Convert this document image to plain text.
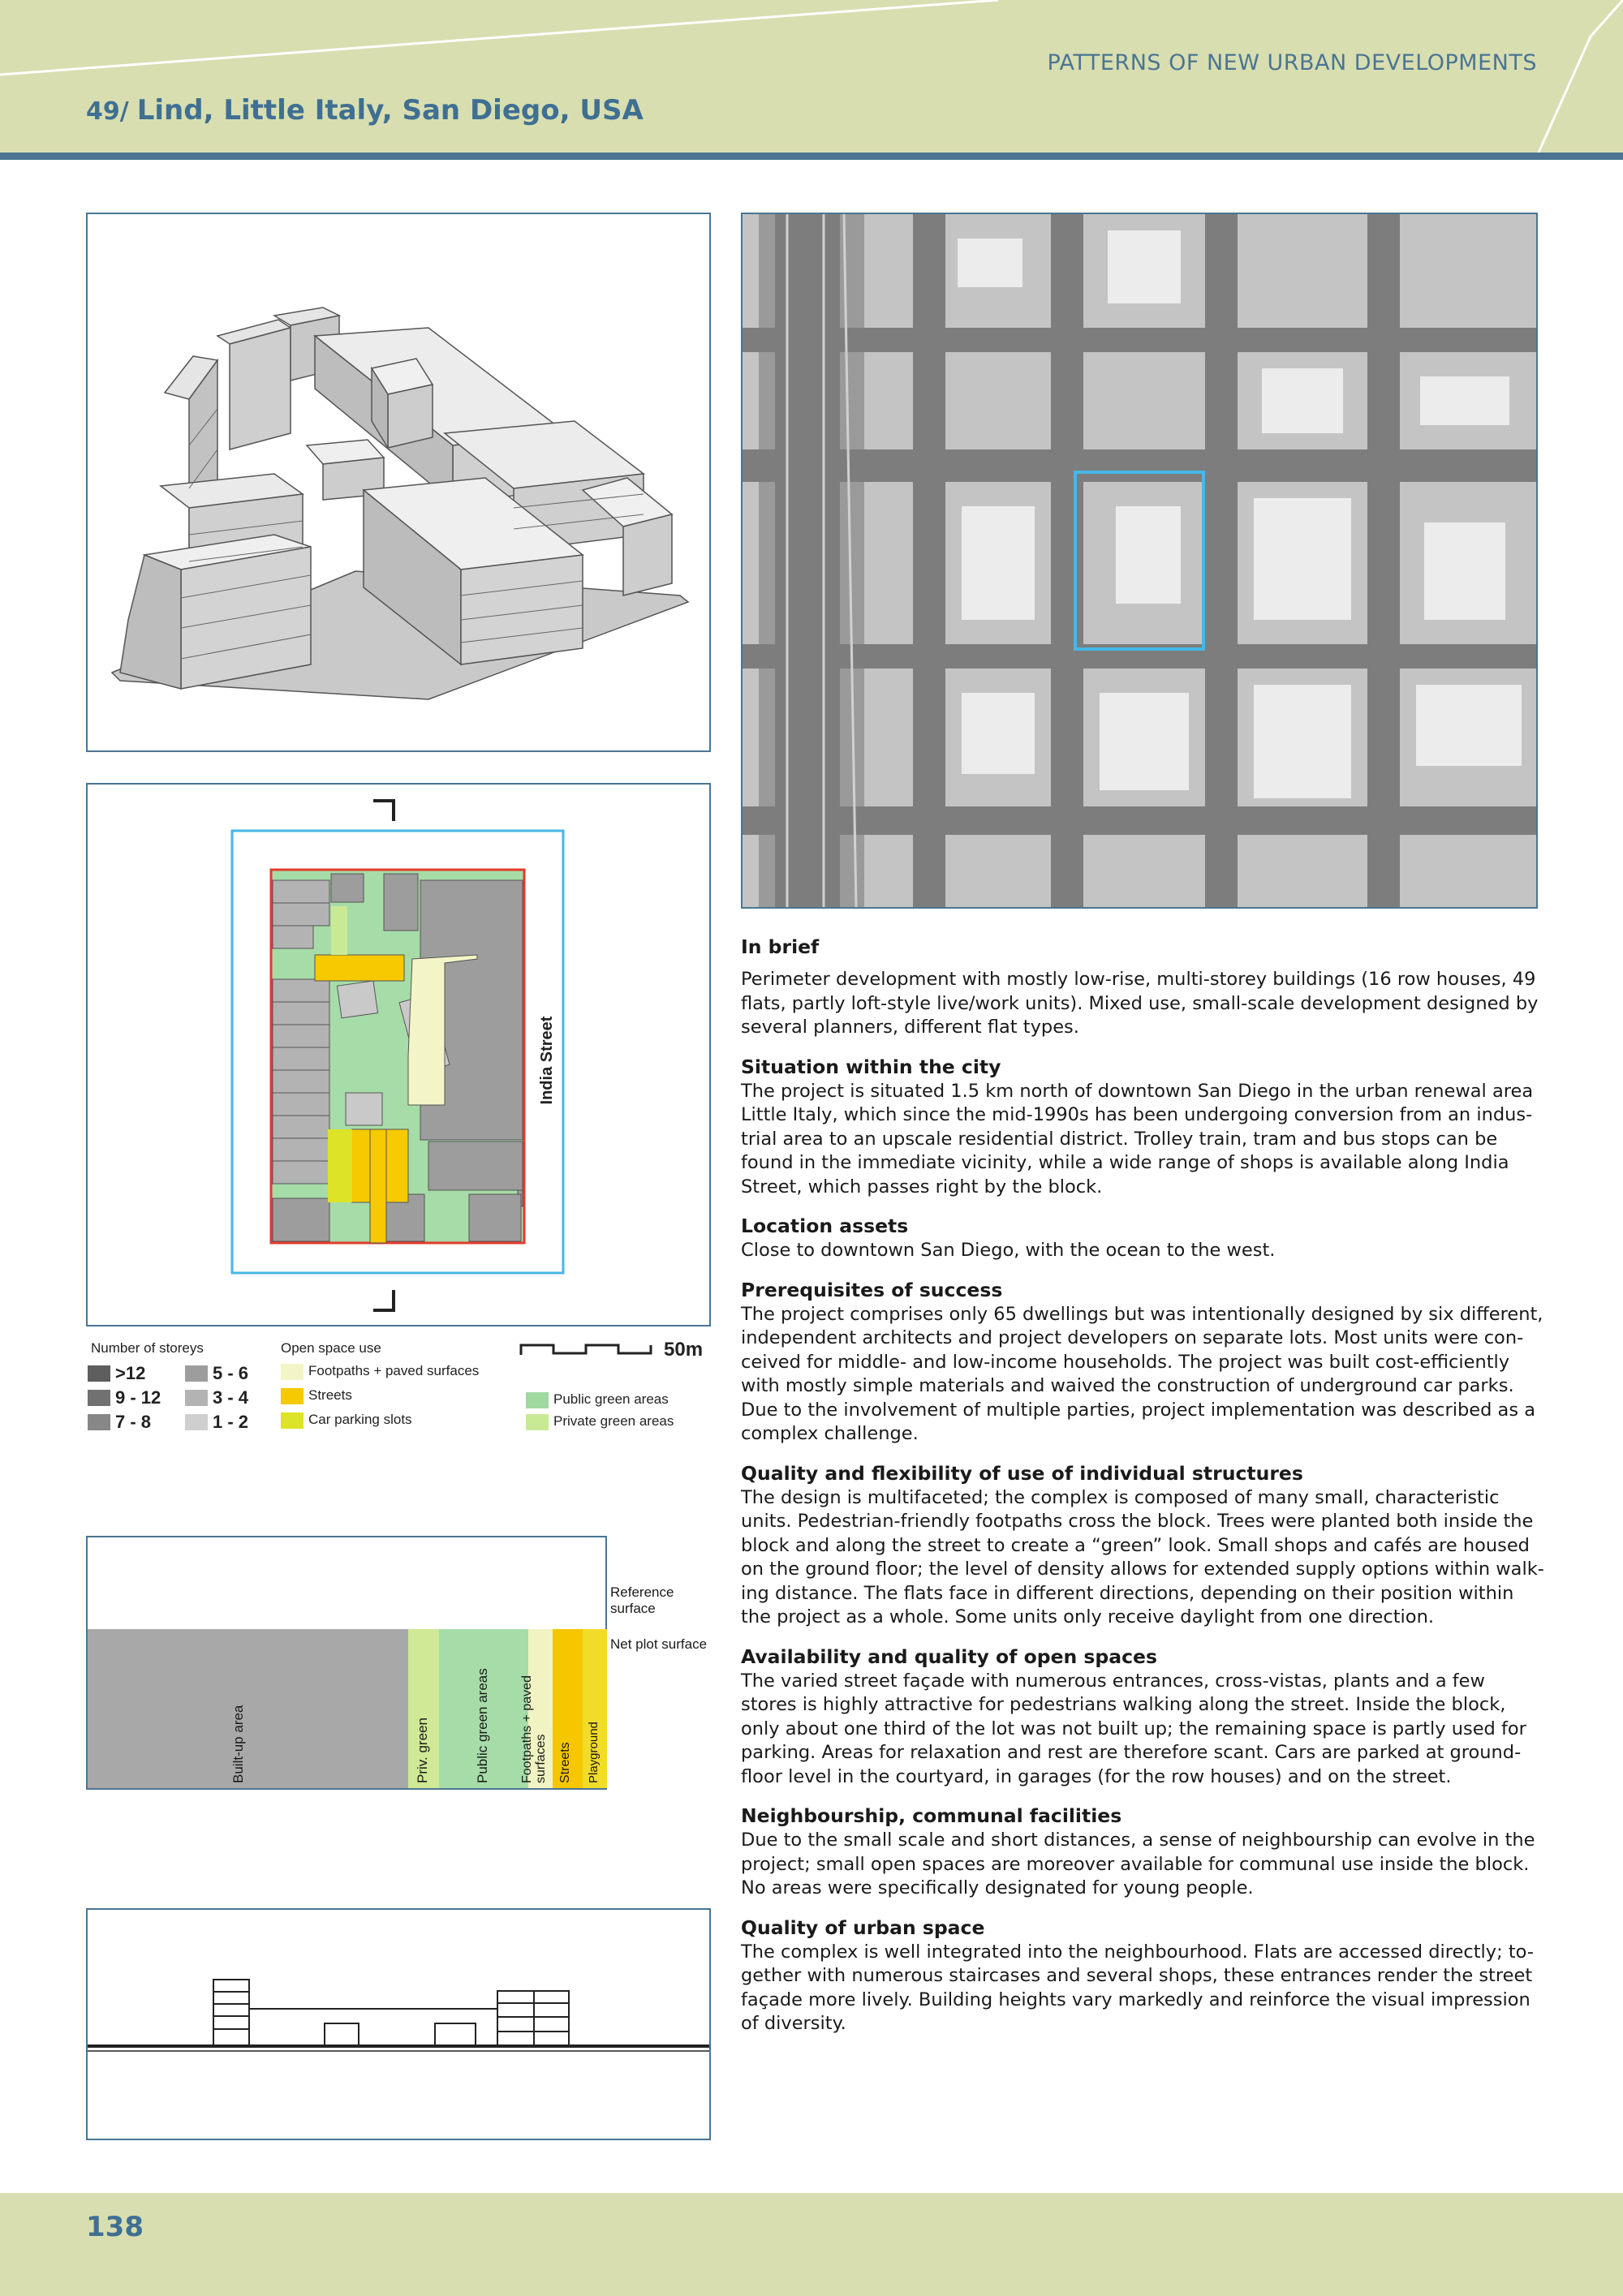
PATTERNS OF NEW URBAN DEVELOPMENTS
49/ Lind, Little Italy, San Diego, USA
India Street
Number of storeys
>12	5 - 6
9 - 12	3 - 4
7 - 8	1 - 2
Open space use
Footpaths + paved surfaces
Streets
Car parking slots
Public green areas
Private green areas
50m
Built-up area	Priv. green	Public green areas Footpaths + paved surfaces Streets Playground
Reference
surface
Net plot surface
In brief

Perimeter development with mostly low-rise, multi-storey buildings (16 row houses, 49 flats, partly loft-style live/work units). Mixed use, small-scale development designed by several planners, different flat types.

Situation within the city

The project is situated 1.5 km north of downtown San Diego in the urban renewal area Little Italy, which since the mid-1990s has been undergoing conversion from an indus-trial area to an upscale residential district. Trolley train, tram and bus stops can be found in the immediate vicinity, while a wide range of shops is available along India Street, which passes right by the block.

Location assets

Close to downtown San Diego, with the ocean to the west.

Prerequisites of success

The project comprises only 65 dwellings but was intentionally designed by six different, independent architects and project developers on separate lots. Most units were con-ceived for middle- and low-income households. The project was built cost-efficiently with mostly simple materials and waived the construction of underground car parks. Due to the involvement of multiple parties, project implementation was described as a complex challenge.

Quality and flexibility of use of individual structures

The design is multifaceted; the complex is composed of many small, characteristic units. Pedestrian-friendly footpaths cross the block. Trees were planted both inside the block and along the street to create a “green” look. Small shops and cafés are housed on the ground floor; the level of density allows for extended supply options within walk-ing distance. The flats face in different directions, depending on their position within the project as a whole. Some units only receive daylight from one direction.

Availability and quality of open spaces

The varied street façade with numerous entrances, cross-vistas, plants and a few stores is highly attractive for pedestrians walking along the street. Inside the block, only about one third of the lot was not built up; the remaining space is partly used for parking. Areas for relaxation and rest are therefore scant. Cars are parked at ground-floor level in the courtyard, in garages (for the row houses) and on the street.

Neighbourship, communal facilities

Due to the small scale and short distances, a sense of neighbourship can evolve in the project; small open spaces are moreover available for communal use inside the block. No areas were specifically designated for young people.

Quality of urban space

The complex is well integrated into the neighbourhood. Flats are accessed directly; to-gether with numerous staircases and several shops, these entrances render the street façade more lively. Building heights vary markedly and reinforce the visual impression of diversity.

138
